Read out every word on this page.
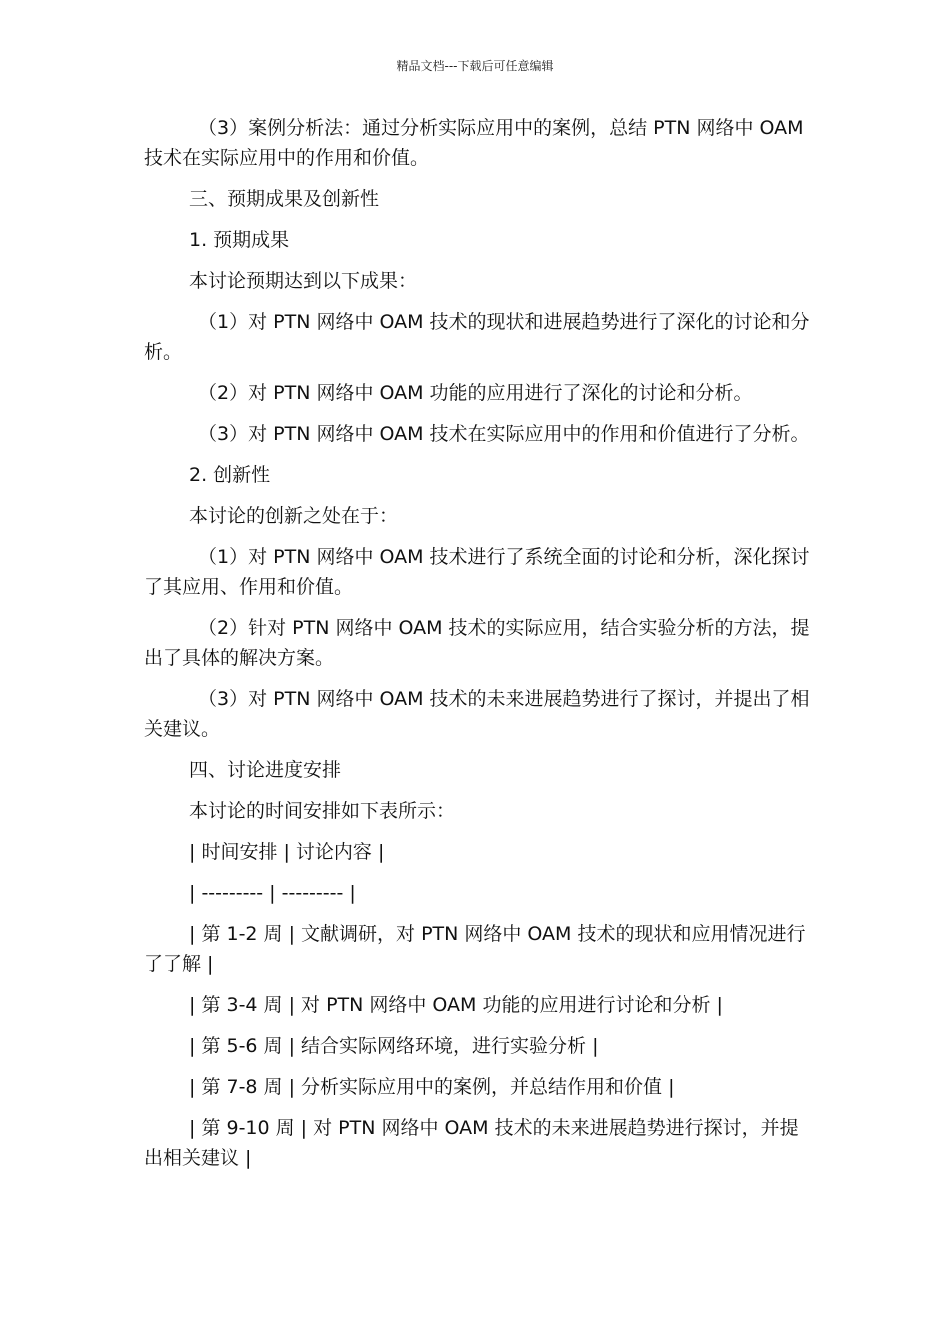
精品文档---下载后可任意编辑

（3）案例分析法：通过分析实际应用中的案例，总结 PTN 网络中 OAM 技术在实际应用中的作用和价值。

三、预期成果及创新性

1. 预期成果

本讨论预期达到以下成果：

（1）对 PTN 网络中 OAM 技术的现状和进展趋势进行了深化的讨论和分析。

（2）对 PTN 网络中 OAM 功能的应用进行了深化的讨论和分析。

（3）对 PTN 网络中 OAM 技术在实际应用中的作用和价值进行了分析。

2. 创新性

本讨论的创新之处在于：

（1）对 PTN 网络中 OAM 技术进行了系统全面的讨论和分析，深化探讨了其应用、作用和价值。

（2）针对 PTN 网络中 OAM 技术的实际应用，结合实验分析的方法，提出了具体的解决方案。

（3）对 PTN 网络中 OAM 技术的未来进展趋势进行了探讨，并提出了相关建议。

四、讨论进度安排

本讨论的时间安排如下表所示：

| 时间安排 | 讨论内容 |

| --------- | --------- |

| 第 1-2 周 | 文献调研，对 PTN 网络中 OAM 技术的现状和应用情况进行了了解 |

| 第 3-4 周 | 对 PTN 网络中 OAM 功能的应用进行讨论和分析 |

| 第 5-6 周 | 结合实际网络环境，进行实验分析 |

| 第 7-8 周 | 分析实际应用中的案例，并总结作用和价值 |

| 第 9-10 周 | 对 PTN 网络中 OAM 技术的未来进展趋势进行探讨，并提出相关建议 |
